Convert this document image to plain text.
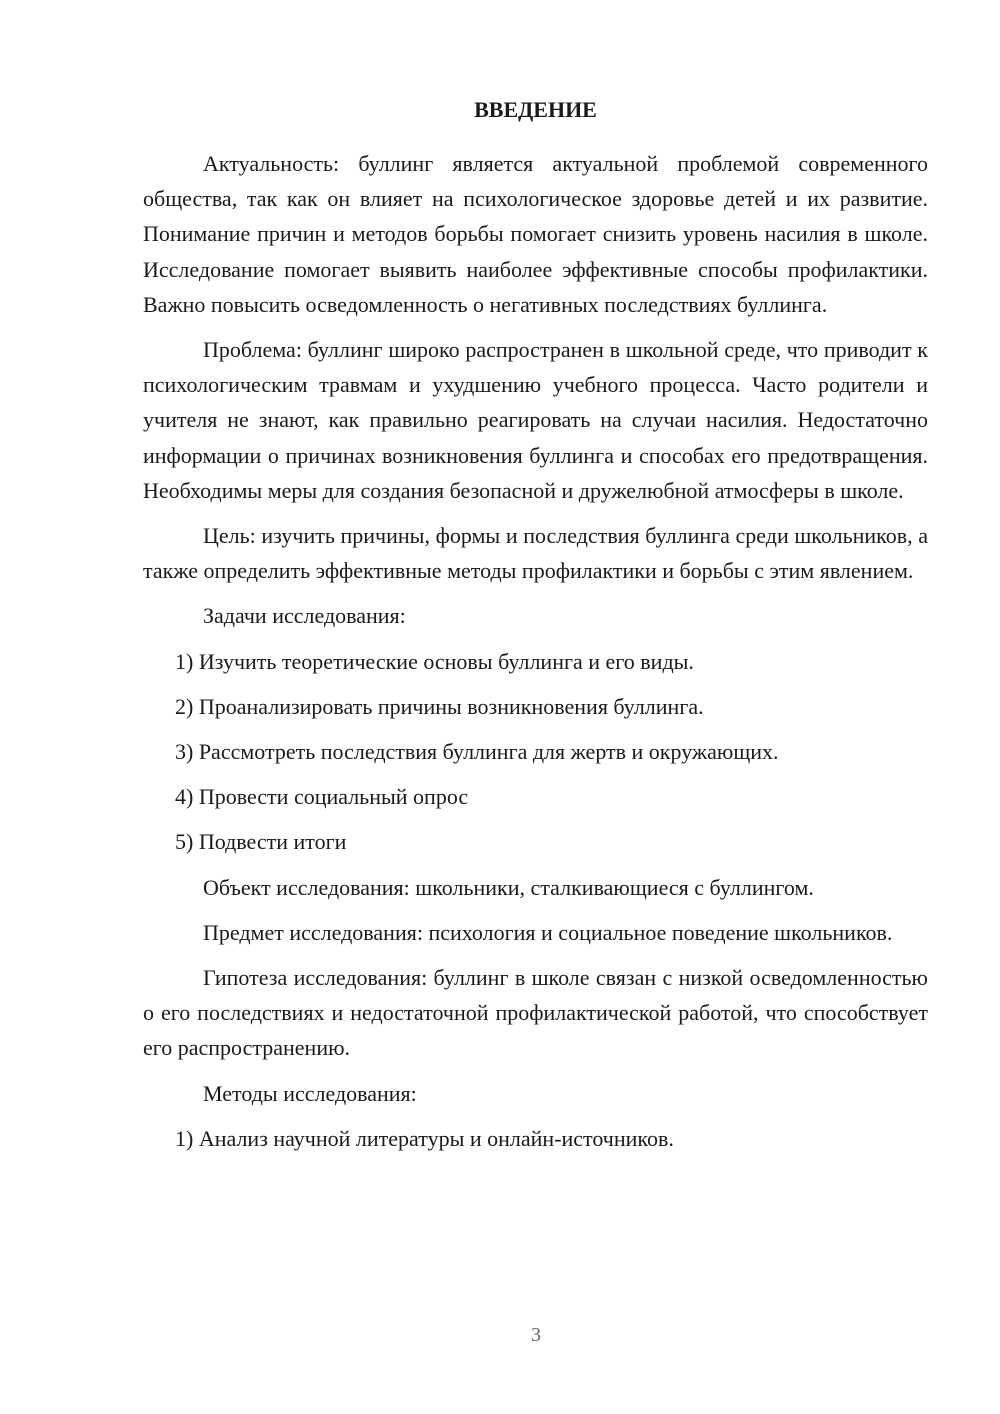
ВВЕДЕНИЕ

Актуальность: буллинг является актуальной проблемой современного общества, так как он влияет на психологическое здоровье детей и их развитие. Понимание причин и методов борьбы помогает снизить уровень насилия в школе. Исследование помогает выявить наиболее эффективные способы профилактики. Важно повысить осведомленность о негативных последствиях буллинга.

Проблема: буллинг широко распространен в школьной среде, что приводит к психологическим травмам и ухудшению учебного процесса. Часто родители и учителя не знают, как правильно реагировать на случаи насилия. Недостаточно информации о причинах возникновения буллинга и способах его предотвращения. Необходимы меры для создания безопасной и дружелюбной атмосферы в школе.

Цель: изучить причины, формы и последствия буллинга среди школьников, а также определить эффективные методы профилактики и борьбы с этим явлением.

Задачи исследования:

1) Изучить теоретические основы буллинга и его виды.

2) Проанализировать причины возникновения буллинга.

3) Рассмотреть последствия буллинга для жертв и окружающих.

4) Провести социальный опрос

5) Подвести итоги

Объект исследования: школьники, сталкивающиеся с буллингом.

Предмет исследования: психология и социальное поведение школьников.

Гипотеза исследования: буллинг в школе связан с низкой осведомленностью о его последствиях и недостаточной профилактической работой, что способствует его распространению.

Методы исследования:

1) Анализ научной литературы и онлайн-источников.

3
